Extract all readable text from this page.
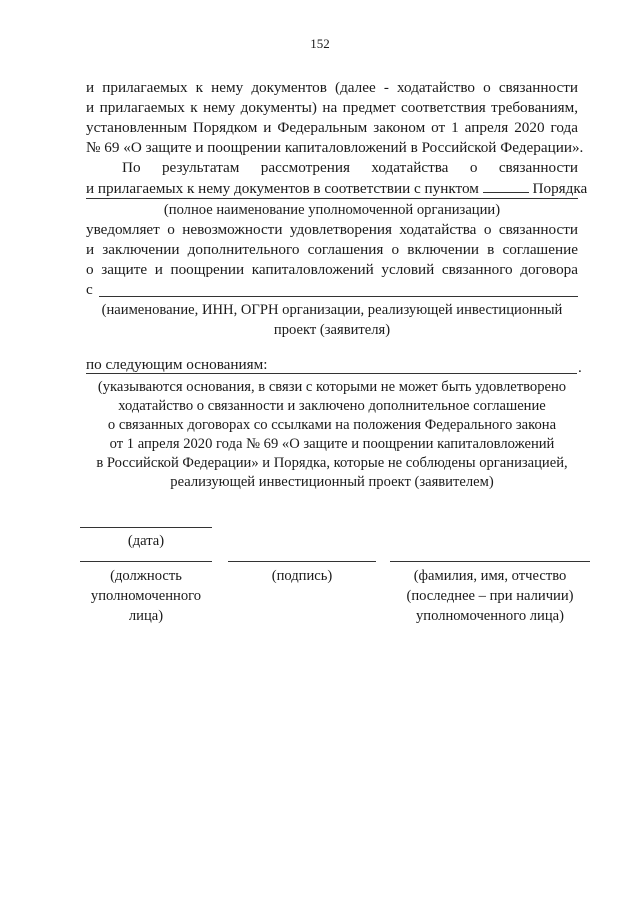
152
и прилагаемых к нему документов (далее - ходатайство о связанности
и прилагаемых к нему документы) на предмет соответствия требованиям,
установленным Порядком и Федеральным законом от 1 апреля 2020 года
№ 69 «О защите и поощрении капиталовложений в Российской Федерации».
По результатам рассмотрения ходатайства о связанности
и прилагаемых к нему документов в соответствии с пунктом	Порядка
(полное наименование уполномоченной организации)
уведомляет о невозможности удовлетворения ходатайства о связанности
и заключении дополнительного соглашения о включении в соглашение
о защите и поощрении капиталовложений условий связанного договора
с
(наименование, ИНН, ОГРН организации, реализующей инвестиционный
проект (заявителя)
по следующим основаниям:	.
(указываются основания, в связи с которыми не может быть удовлетворено
ходатайство о связанности и заключено дополнительное соглашение
о связанных договорах со ссылками на положения Федерального закона
от 1 апреля 2020 года № 69 «О защите и поощрении капиталовложений
в Российской Федерации» и Порядка, которые не соблюдены организацией,
реализующей инвестиционный проект (заявителем)
(дата)
(должность
уполномоченного
лица)
(подпись)	(фамилия, имя, отчество
(последнее – при наличии)
уполномоченного лица)
